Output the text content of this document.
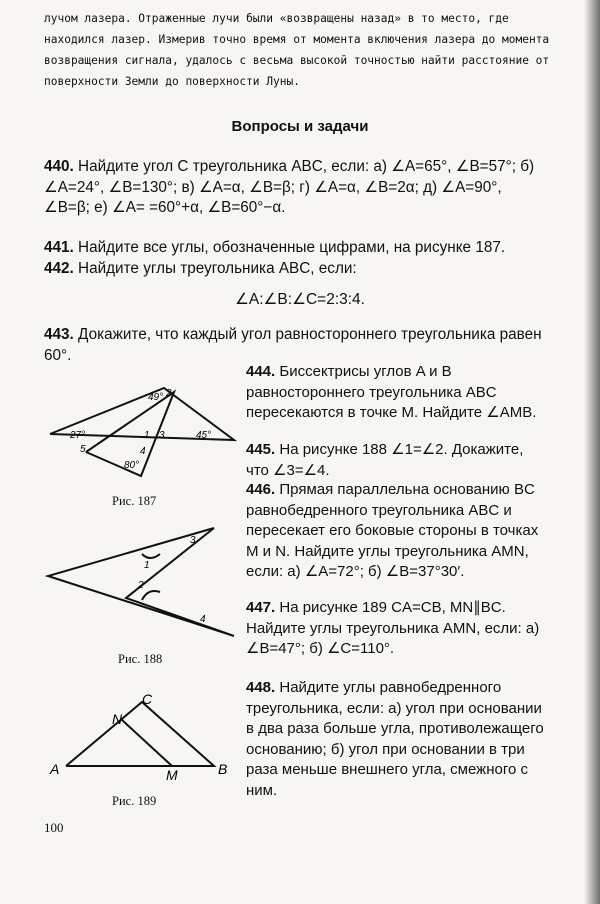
лучом лазера. Отраженные лучи были «возвращены назад» в то место, где находился лазер. Измерив точно время от момента включения лазера до момента возвращения сигнала, удалось с весьма высокой точностью найти расстояние от поверхности Земли до поверхности Луны.

Вопросы и задачи

440. Найдите угол C треугольника ABC, если: а) ∠A=65°, ∠B=57°; б) ∠A=24°, ∠B=130°; в) ∠A=α, ∠B=β; г) ∠A=α, ∠B=2α; д) ∠A=90°, ∠B=β; е) ∠A= =60°+α, ∠B=60°−α.

441. Найдите все углы, обозначенные цифрами, на рисунке 187.

442. Найдите углы треугольника ABC, если:

∠A:∠B:∠C=2:3:4.

443. Докажите, что каждый угол равностороннего треугольника равен 60°.

444. Биссектрисы углов A и B равностороннего треугольника ABC пересекаются в точке M. Найдите ∠AMB.

445. На рисунке 188 ∠1=∠2. Докажите, что ∠3=∠4.

446. Прямая параллельна основанию BC равнобедренного треугольника ABC и пересекает его боковые стороны в точках M и N. Найдите углы треугольника AMN, если: а) ∠A=72°; б) ∠B=37°30′.

447. На рисунке 189 CA=CB, MN∥BC. Найдите углы треугольника AMN, если: а) ∠B=47°; б) ∠C=110°.

448. Найдите углы равнобедренного треугольника, если: а) угол при основании в два раза больше угла, противолежащего основанию; б) угол при основании в три раза меньше внешнего угла, смежного с ним.

49° 2
27°	1 3	45°
5	4
80°

Рис. 187

1
2
3
4

Рис. 188

N
C
A	M	B

Рис. 189

100
